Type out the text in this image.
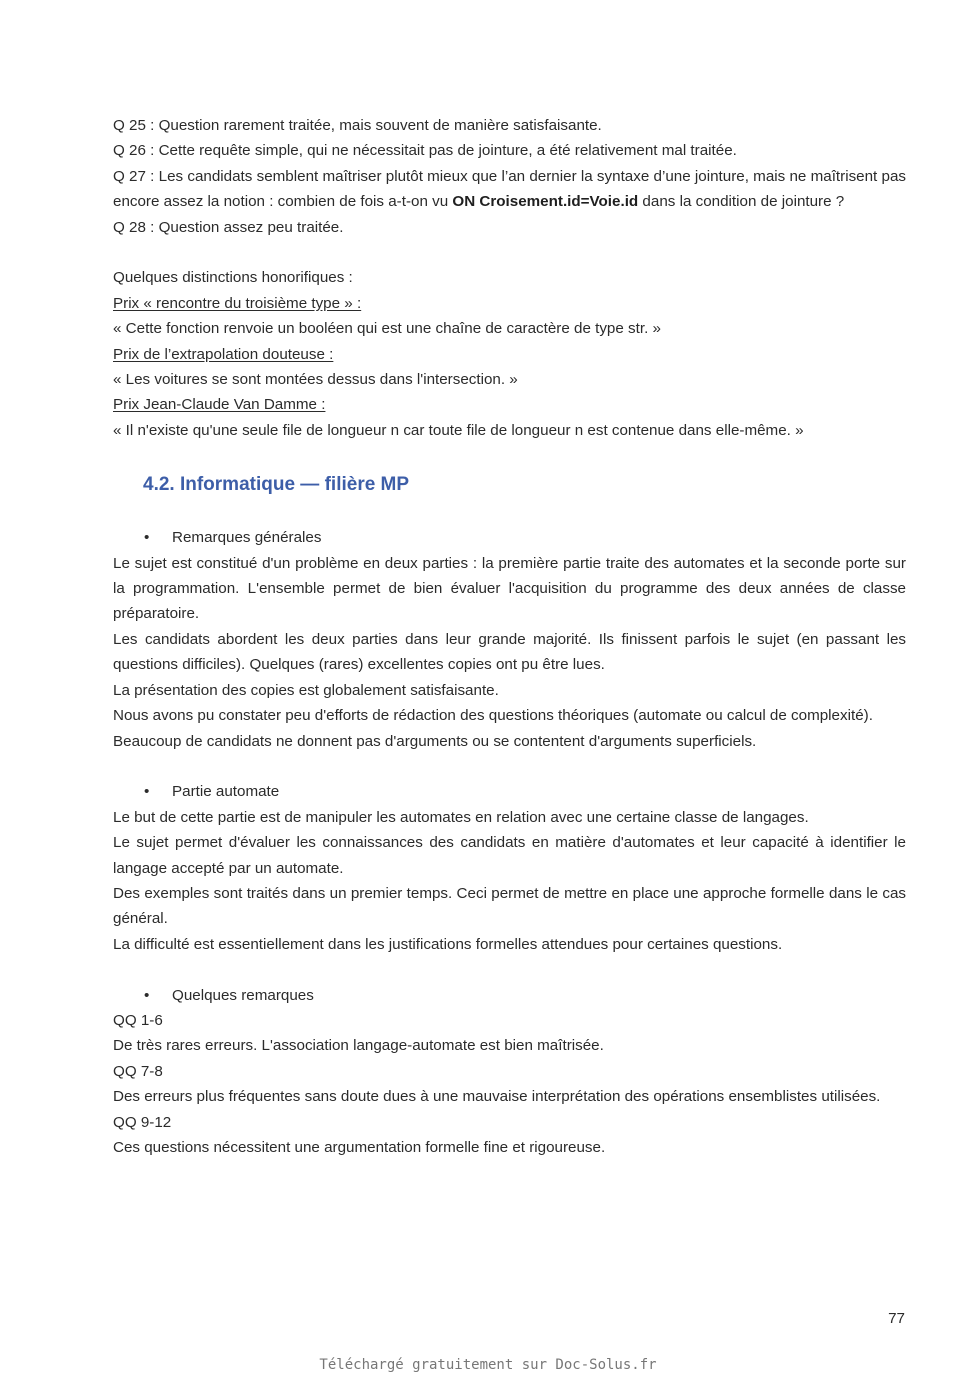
Q 25 : Question rarement traitée, mais souvent de manière satisfaisante.

Q 26 : Cette requête simple, qui ne nécessitait pas de jointure, a été relativement mal traitée.

Q 27 : Les candidats semblent maîtriser plutôt mieux que l’an dernier la syntaxe d’une jointure, mais ne maîtrisent pas encore assez la notion : combien de fois a-t-on vu ON Croisement.id=Voie.id dans la condition de jointure ?

Q 28 : Question assez peu traitée.

Quelques distinctions honorifiques :

Prix « rencontre du troisième type » :

« Cette fonction renvoie un booléen qui est une chaîne de caractère de type str. »

Prix de l’extrapolation douteuse :

« Les voitures se sont montées dessus dans l'intersection. »

Prix Jean-Claude Van Damme :

« Il n'existe qu'une seule file de longueur n car toute file de longueur n est contenue dans elle-même. »

4.2. Informatique — filière MP

• Remarques générales

Le sujet est constitué d'un problème en deux parties : la première partie traite des automates et la seconde porte sur la programmation. L'ensemble permet de bien évaluer l'acquisition du programme des deux années de classe préparatoire.

Les candidats abordent les deux parties dans leur grande majorité. Ils finissent parfois le sujet (en passant les questions difficiles). Quelques (rares) excellentes copies ont pu être lues.

La présentation des copies est globalement satisfaisante.

Nous avons pu constater peu d'efforts de rédaction des questions théoriques (automate ou calcul de complexité).

Beaucoup de candidats ne donnent pas d'arguments ou se contentent d'arguments superficiels.

• Partie automate

Le but de cette partie est de manipuler les automates en relation avec une certaine classe de langages.

Le sujet permet d'évaluer les connaissances des candidats en matière d'automates et leur capacité à identifier le langage accepté par un automate.

Des exemples sont traités dans un premier temps. Ceci permet de mettre en place une approche formelle dans le cas général.

La difficulté est essentiellement dans les justifications formelles attendues pour certaines questions.

• Quelques remarques

QQ 1-6

De très rares erreurs. L'association langage-automate est bien maîtrisée.

QQ 7-8

Des erreurs plus fréquentes sans doute dues à une mauvaise interprétation des opérations ensemblistes utilisées.

QQ 9-12

Ces questions nécessitent une argumentation formelle fine et rigoureuse.

77
Téléchargé gratuitement sur Doc-Solus.fr
